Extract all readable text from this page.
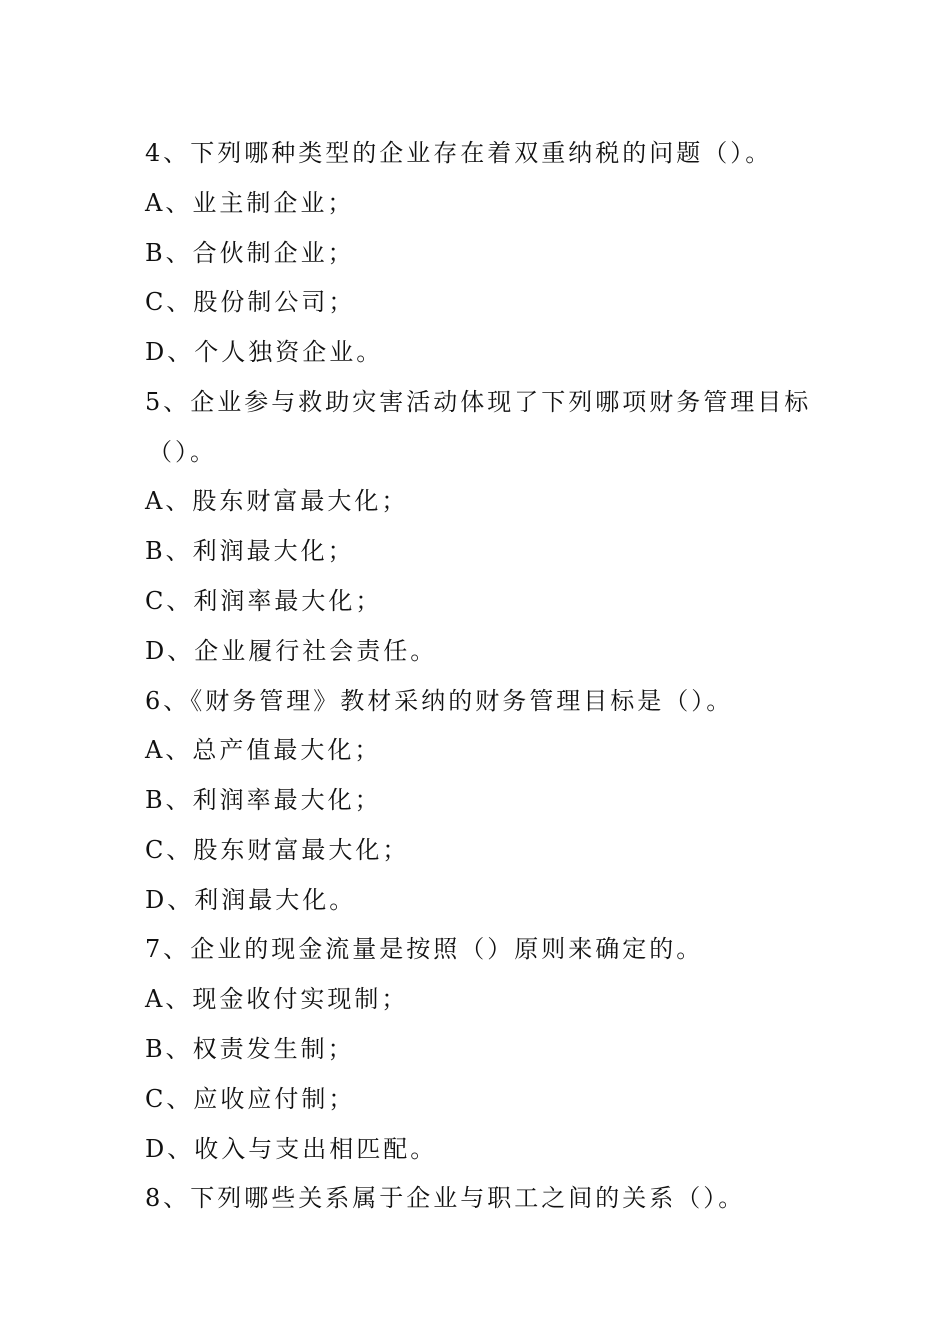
4、下列哪种类型的企业存在着双重纳税的问题（）。
A、业主制企业；
B、合伙制企业；
C、股份制公司；
D、个人独资企业。
5、企业参与救助灾害活动体现了下列哪项财务管理目标
（）。
A、股东财富最大化；
B、利润最大化；
C、利润率最大化；
D、企业履行社会责任。
6、《财务管理》教材采纳的财务管理目标是（）。
A、总产值最大化；
B、利润率最大化；
C、股东财富最大化；
D、利润最大化。
7、企业的现金流量是按照（）原则来确定的。
A、现金收付实现制；
B、权责发生制；
C、应收应付制；
D、收入与支出相匹配。
8、下列哪些关系属于企业与职工之间的关系（）。
